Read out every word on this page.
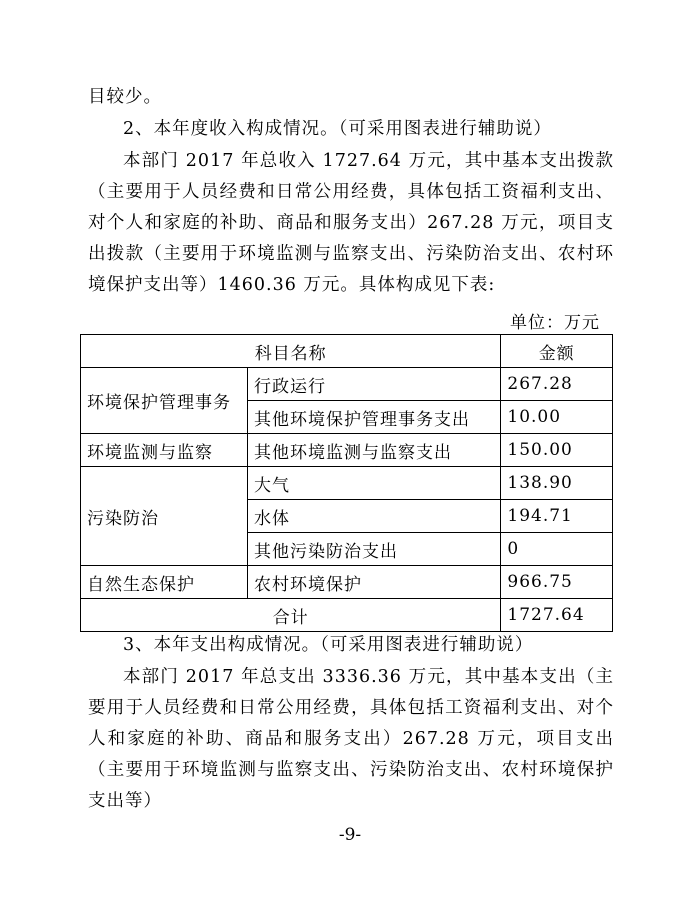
目较少。

2、本年度收入构成情况。（可采用图表进行辅助说）

本部门 2017 年总收入 1727.64 万元，其中基本支出拨款（主要用于人员经费和日常公用经费，具体包括工资福利支出、对个人和家庭的补助、商品和服务支出）267.28 万元，项目支出拨款（主要用于环境监测与监察支出、污染防治支出、农村环境保护支出等）1460.36 万元。具体构成见下表:

单位：万元
科目名称		金额
环境保护管理事务	行政运行	267.28
	其他环境保护管理事务支出	10.00
环境监测与监察	其他环境监测与监察支出	150.00
污染防治	大气	138.90
	水体	194.71
	其他污染防治支出	0
自然生态保护	农村环境保护	966.75
合计		1727.64

3、本年支出构成情况。（可采用图表进行辅助说）

本部门 2017 年总支出 3336.36 万元，其中基本支出（主要用于人员经费和日常公用经费，具体包括工资福利支出、对个人和家庭的补助、商品和服务支出）267.28 万元，项目支出（主要用于环境监测与监察支出、污染防治支出、农村环境保护支出等）

-9-
